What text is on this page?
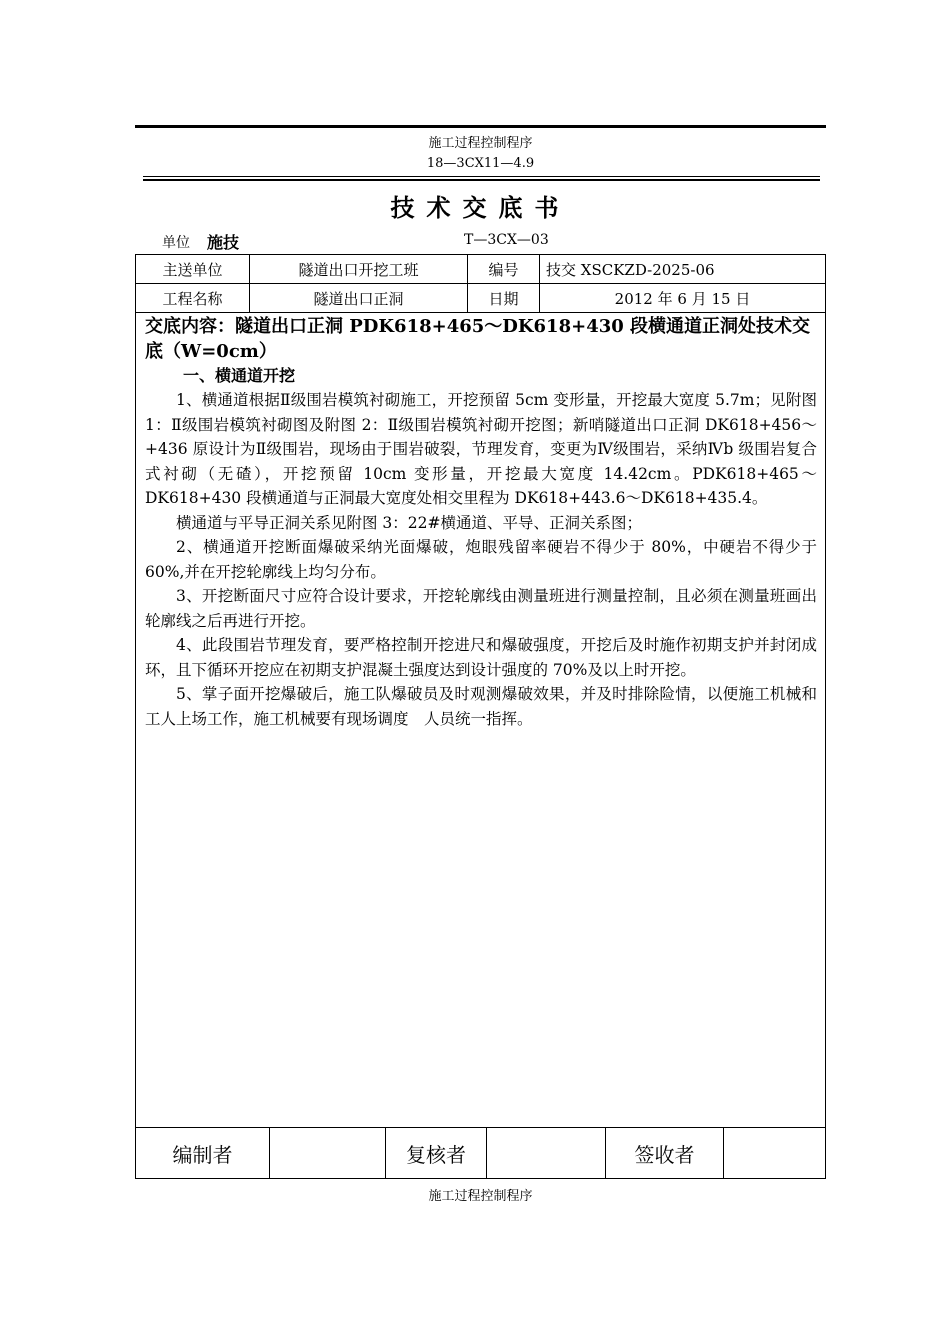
施工过程控制程序
18—3CX11—4.9
技术交底书
单位 施技	T—3CX—03
主送单位	隧道出口开挖工班	编号	技交 XSCKZD-2025-06
工程名称	隧道出口正洞	日期	2012 年 6 月 15 日
交底内容：隧道出口正洞 PDK618+465～DK618+430 段横通道正洞处技术交底（W=0cm）
一、横通道开挖

1、横通道根据Ⅱ级围岩模筑衬砌施工，开挖预留 5cm 变形量，开挖最大宽度 5.7m；见附图 1：Ⅱ级围岩模筑衬砌图及附图 2：Ⅱ级围岩模筑衬砌开挖图；新哨隧道出口正洞 DK618+456～+436 原设计为Ⅱ级围岩，现场由于围岩破裂，节理发育，变更为Ⅳ级围岩，采纳Ⅳb 级围岩复合式衬砌（无碴），开挖预留 10cm 变形量，开挖最大宽度 14.42cm。PDK618+465～DK618+430 段横通道与正洞最大宽度处相交里程为 DK618+443.6～DK618+435.4。

横通道与平导正洞关系见附图 3：22#横通道、平导、正洞关系图；

2、横通道开挖断面爆破采纳光面爆破，炮眼残留率硬岩不得少于 80%，中硬岩不得少于 60%,并在开挖轮廓线上均匀分布。

3、开挖断面尺寸应符合设计要求，开挖轮廓线由测量班进行测量控制，且必须在测量班画出轮廓线之后再进行开挖。

4、此段围岩节理发育，要严格控制开挖进尺和爆破强度，开挖后及时施作初期支护并封闭成环，且下循环开挖应在初期支护混凝土强度达到设计强度的 70%及以上时开挖。

5、掌子面开挖爆破后，施工队爆破员及时观测爆破效果，并及时排除险情，以便施工机械和工人上场工作，施工机械要有现场调度　人员统一指挥。

编制者		复核者		签收者	
施工过程控制程序
